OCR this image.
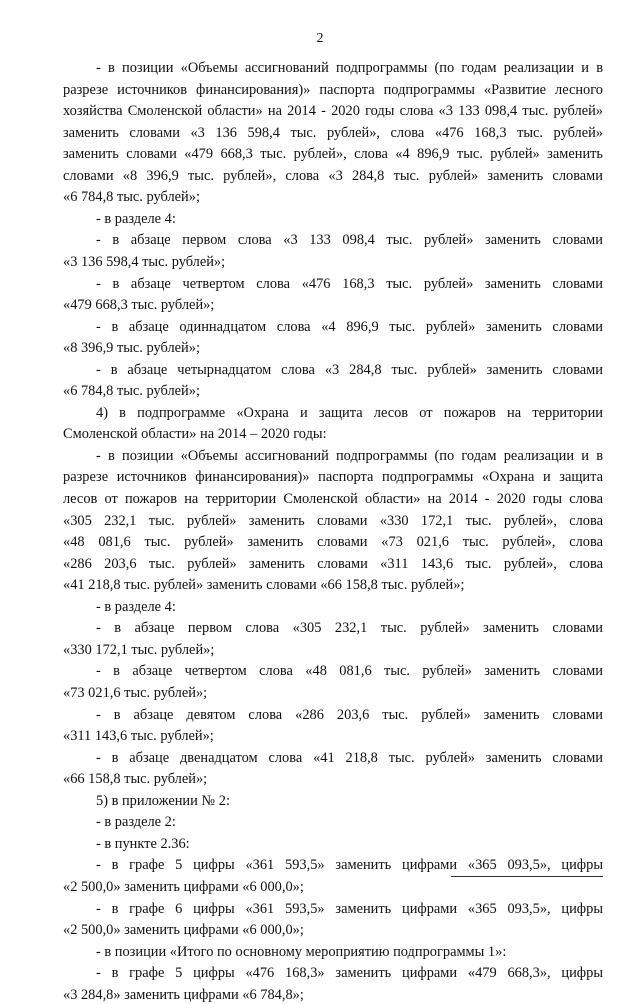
2
- в позиции «Объемы ассигнований подпрограммы (по годам реализации и в
разрезе источников финансирования)» паспорта подпрограммы «Развитие лесного
хозяйства Смоленской области» на 2014 - 2020 годы слова «3 133 098,4 тыс. рублей»
заменить словами «3 136 598,4 тыс. рублей», слова «476 168,3 тыс. рублей»
заменить словами «479 668,3 тыс. рублей», слова «4 896,9 тыс. рублей» заменить
словами «8 396,9 тыс. рублей», слова «3 284,8 тыс. рублей» заменить словами
«6 784,8 тыс. рублей»;
- в разделе 4:
- в абзаце первом слова «3 133 098,4 тыс. рублей» заменить словами
«3 136 598,4 тыс. рублей»;
- в абзаце четвертом слова «476 168,3 тыс. рублей» заменить словами
«479 668,3 тыс. рублей»;
- в абзаце одиннадцатом слова «4 896,9 тыс. рублей» заменить словами
«8 396,9 тыс. рублей»;
- в абзаце четырнадцатом слова «3 284,8 тыс. рублей» заменить словами
«6 784,8 тыс. рублей»;
4) в подпрограмме «Охрана и защита лесов от пожаров на территории
Смоленской области» на 2014 – 2020 годы:
- в позиции «Объемы ассигнований подпрограммы (по годам реализации и в
разрезе источников финансирования)» паспорта подпрограммы «Охрана и защита
лесов от пожаров на территории Смоленской области» на 2014 - 2020 годы слова
«305 232,1 тыс. рублей» заменить словами «330 172,1 тыс. рублей», слова
«48 081,6 тыс. рублей» заменить словами «73 021,6 тыс. рублей», слова
«286 203,6 тыс. рублей» заменить словами «311 143,6 тыс. рублей», слова
«41 218,8 тыс. рублей» заменить словами «66 158,8 тыс. рублей»;
- в разделе 4:
- в абзаце первом слова «305 232,1 тыс. рублей» заменить словами
«330 172,1 тыс. рублей»;
- в абзаце четвертом слова «48 081,6 тыс. рублей» заменить словами
«73 021,6 тыс. рублей»;
- в абзаце девятом слова «286 203,6 тыс. рублей» заменить словами
«311 143,6 тыс. рублей»;
- в абзаце двенадцатом слова «41 218,8 тыс. рублей» заменить словами
«66 158,8 тыс. рублей»;
5) в приложении № 2:
- в разделе 2:
- в пункте 2.36:
- в графе 5 цифры «361 593,5» заменить цифрами «365 093,5», цифры
«2 500,0» заменить цифрами «6 000,0»;
- в графе 6 цифры «361 593,5» заменить цифрами «365 093,5», цифры
«2 500,0» заменить цифрами «6 000,0»;
- в позиции «Итого по основному мероприятию подпрограммы 1»:
- в графе 5 цифры «476 168,3» заменить цифрами «479 668,3», цифры
«3 284,8» заменить цифрами «6 784,8»;
